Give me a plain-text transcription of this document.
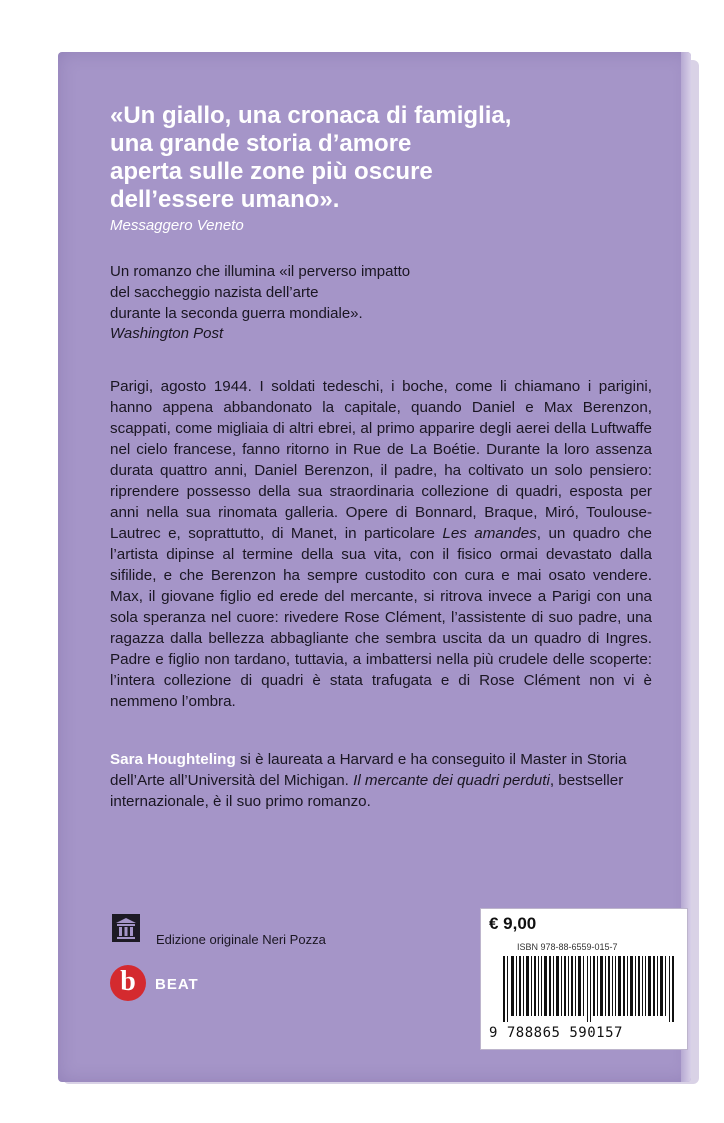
«Un giallo, una cronaca di famiglia,
una grande storia d’amore
aperta sulle zone più oscure
dell’essere umano».
Messaggero Veneto
Un romanzo che illumina «il perverso impatto
del saccheggio nazista dell’arte
durante la seconda guerra mondiale».
Washington Post

Parigi, agosto 1944. I soldati tedeschi, i boche, come li chiamano i parigini, hanno appena abbandonato la capitale, quando Daniel e Max Berenzon, scappati, come migliaia di altri ebrei, al primo apparire degli aerei della Luftwaffe nel cielo francese, fanno ritorno in Rue de La Boétie. Durante la loro assenza durata quattro anni, Daniel Berenzon, il padre, ha coltivato un solo pensiero: riprendere possesso della sua straordinaria collezione di quadri, esposta per anni nella sua rinomata galleria. Opere di Bonnard, Braque, Miró, Toulouse-Lautrec e, soprattutto, di Manet, in particolare Les amandes, un quadro che l’artista dipinse al termine della sua vita, con il fisico ormai devastato dalla sifilide, e che Berenzon ha sempre custodito con cura e mai osato vendere. Max, il giovane figlio ed erede del mercante, si ritrova invece a Parigi con una sola speranza nel cuore: rivedere Rose Clément, l’assistente di suo padre, una ragazza dalla bellezza abbagliante che sembra uscita da un quadro di Ingres. Padre e figlio non tardano, tuttavia, a imbattersi nella più crudele delle scoperte: l’intera collezione di quadri è stata trafugata e di Rose Clément non vi è nemmeno l’ombra.

Sara Houghteling si è laureata a Harvard e ha conseguito il Master in Storia dell’Arte all’Università del Michigan. Il mercante dei quadri perduti, bestseller internazionale, è il suo primo romanzo.

Edizione originale Neri Pozza
b	BEAT
€ 9,00
ISBN 978-88-6559-015-7
9 788865 590157
